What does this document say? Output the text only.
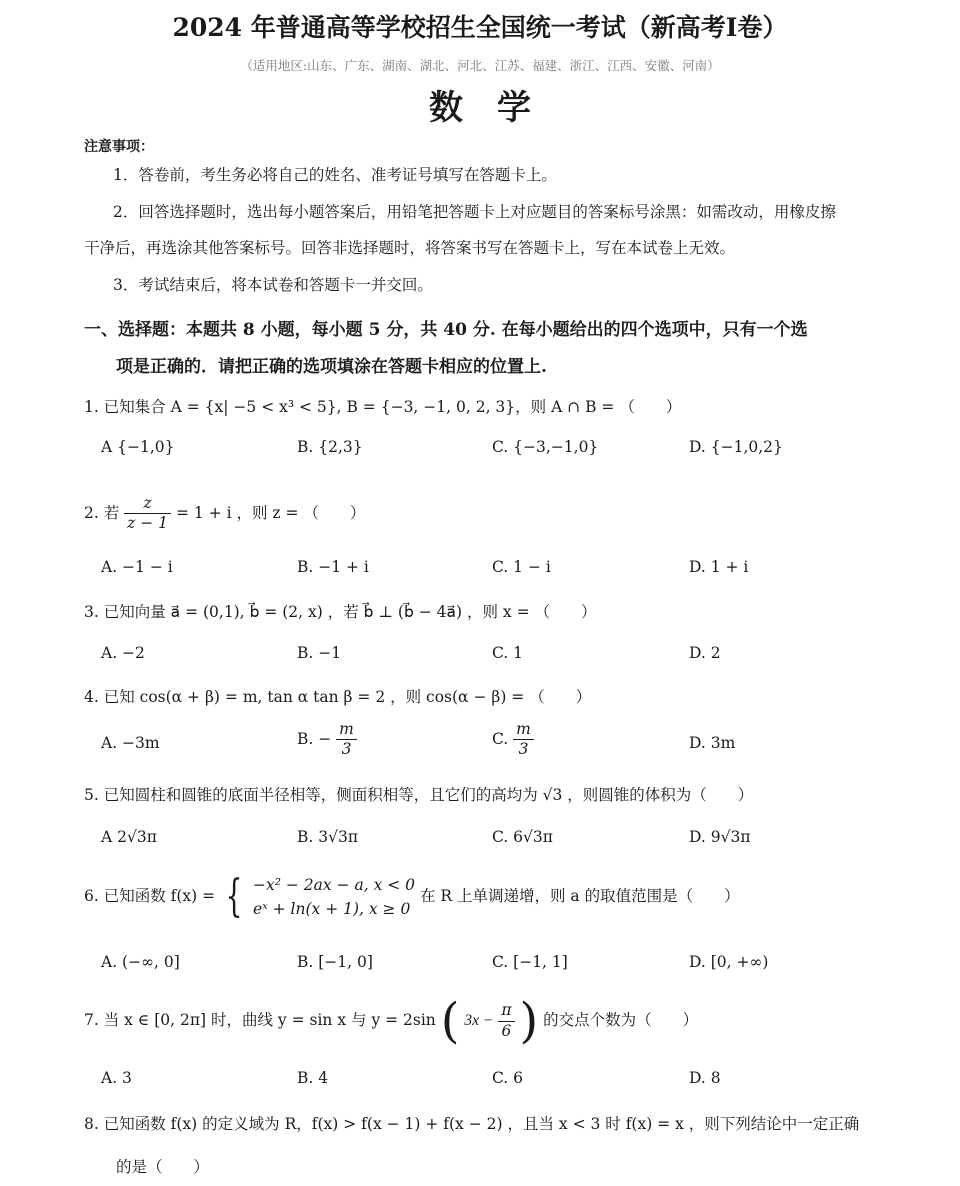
2024 年普通高等学校招生全国统一考试（新高考Ⅰ卷）
（适用地区:山东、广东、湖南、湖北、河北、江苏、福建、浙江、江西、安徽、河南）
数学
注意事项：
1．答卷前，考生务必将自己的姓名、准考证号填写在答题卡上。
2．回答选择题时，选出每小题答案后，用铅笔把答题卡上对应题目的答案标号涂黑：如需改动，用橡皮擦
干净后，再选涂其他答案标号。回答非选择题时，将答案书写在答题卡上，写在本试卷上无效。
3．考试结束后，将本试卷和答题卡一并交回。
一、选择题：本题共 8 小题，每小题 5 分，共 40 分. 在每小题给出的四个选项中，只有一个选
项是正确的．请把正确的选项填涂在答题卡相应的位置上.
1. 已知集合 A = {x| −5 < x³ < 5}, B = {−3, −1, 0, 2, 3}，则 A ∩ B = （　　）
A {−1,0}	B. {2,3}	C. {−3,−1,0}	D. {−1,0,2}
2. 若 $\frac{z}{z - 1} = 1 + i$ ，则 z = （　　）
A. −1 − i	B. −1 + i	C. 1 − i	D. 1 + i
3. 已知向量 a⃗ = (0,1), b⃗ = (2, x) ，若 b⃗ ⊥ (b⃗ − 4a⃗) ，则 x = （　　）
A. −2	B. −1	C. 1	D. 2
4. 已知 cos(α + β) = m, tan α tan β = 2 ，则 cos(α − β) = （　　）
A. −3m	B. − $\frac{m}{3}$	C. $\frac{m}{3}$	D. 3m
5. 已知圆柱和圆锥的底面半径相等，侧面积相等，且它们的高均为 √3 ，则圆锥的体积为（　　）
A 2√3π	B. 3√3π	C. 6√3π	D. 9√3π
6. 已知函数 f(x) = { −x² − 2ax − a, x < 0
eˣ + ln(x + 1), x ≥ 0
在 R 上单调递增，则 a 的取值范围是（　　）
A. (−∞, 0]	B. [−1, 0]	C. [−1, 1]	D. [0, +∞)
7. 当 x ∈ [0, 2π] 时，曲线 y = sin x 与 y = 2sin ( $3x - \frac{\pi}{6}$ ) 的交点个数为（　　）
A. 3	B. 4	C. 6	D. 8
8. 已知函数 f(x) 的定义域为 R，f(x) > f(x − 1) + f(x − 2) ，且当 x < 3 时 f(x) = x ，则下列结论中一定正确
的是（　　）
